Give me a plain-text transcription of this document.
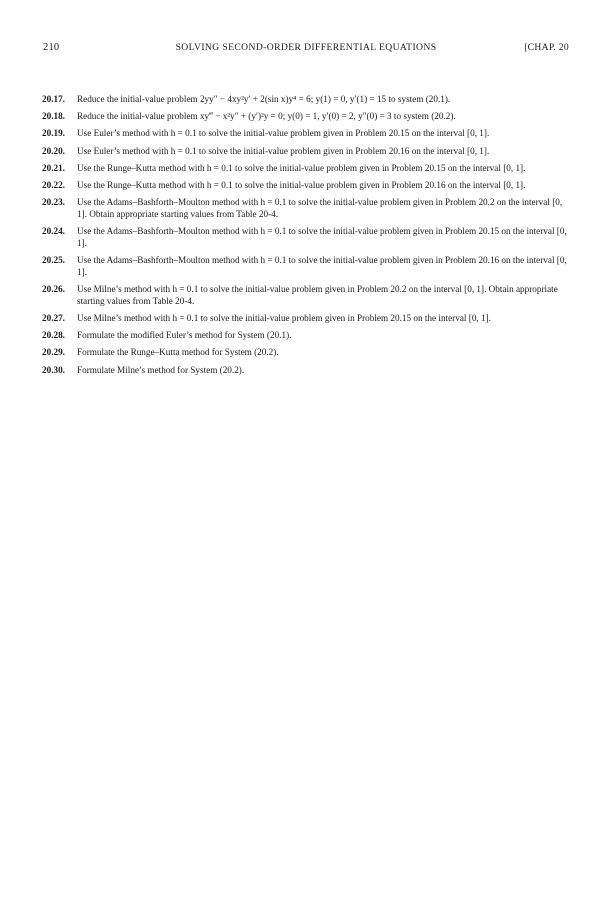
210	SOLVING SECOND-ORDER DIFFERENTIAL EQUATIONS	[CHAP. 20
20.17. Reduce the initial-value problem 2yy″ − 4xy²y′ + 2(sin x)y⁴ = 6; y(1) = 0, y′(1) = 15 to system (20.1).
20.18. Reduce the initial-value problem xy‴ − x²y″ + (y′)²y = 0; y(0) = 1, y′(0) = 2, y″(0) = 3 to system (20.2).
20.19. Use Euler’s method with h = 0.1 to solve the initial-value problem given in Problem 20.15 on the interval [0, 1].
20.20. Use Euler’s method with h = 0.1 to solve the initial-value problem given in Problem 20.16 on the interval [0, 1].
20.21. Use the Runge–Kutta method with h = 0.1 to solve the initial-value problem given in Problem 20.15 on the interval [0, 1].
20.22. Use the Runge–Kutta method with h = 0.1 to solve the initial-value problem given in Problem 20.16 on the interval [0, 1].
20.23. Use the Adams–Bashforth–Moulton method with h = 0.1 to solve the initial-value problem given in Problem 20.2 on the interval [0, 1]. Obtain appropriate starting values from Table 20-4.
20.24. Use the Adams–Bashforth–Moulton method with h = 0.1 to solve the initial-value problem given in Problem 20.15 on the interval [0, 1].
20.25. Use the Adams–Bashforth–Moulton method with h = 0.1 to solve the initial-value problem given in Problem 20.16 on the interval [0, 1].
20.26. Use Milne’s method with h = 0.1 to solve the initial-value problem given in Problem 20.2 on the interval [0, 1]. Obtain appropriate starting values from Table 20-4.
20.27. Use Milne’s method with h = 0.1 to solve the initial-value problem given in Problem 20.15 on the interval [0, 1].
20.28. Formulate the modified Euler’s method for System (20.1).
20.29. Formulate the Runge–Kutta method for System (20.2).
20.30. Formulate Milne’s method for System (20.2).
